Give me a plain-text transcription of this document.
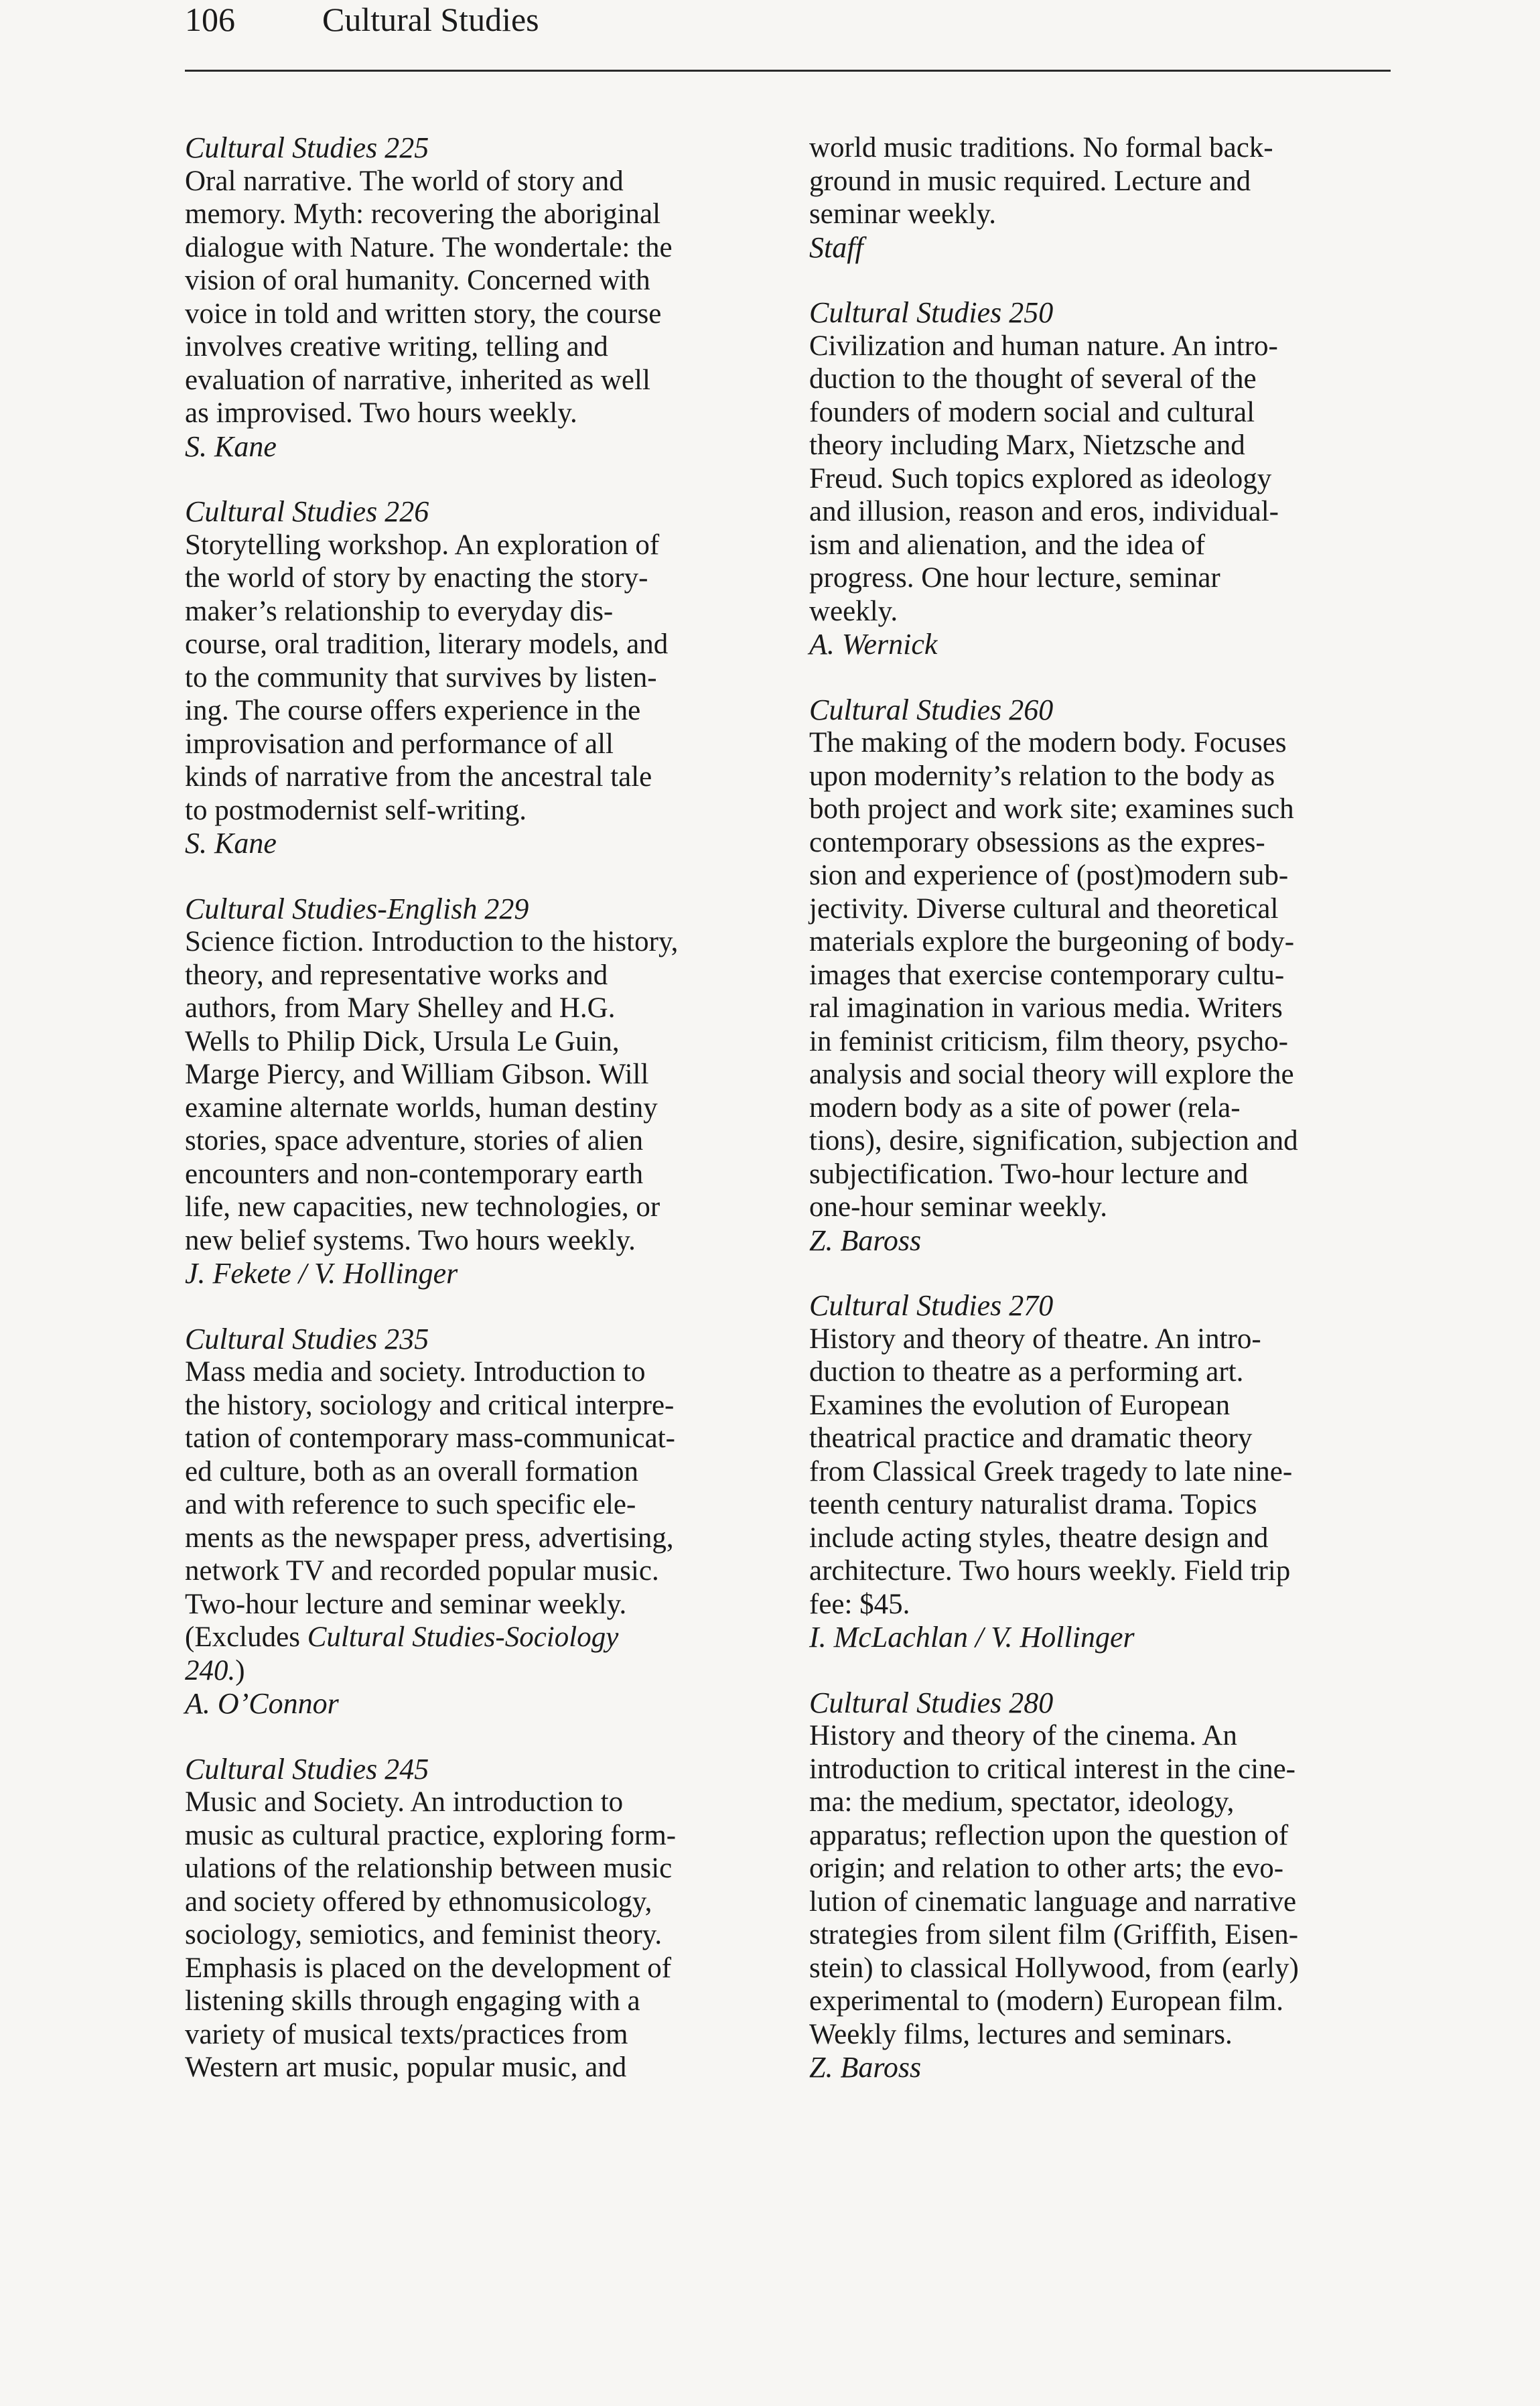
106	Cultural Studies
Cultural Studies 225

Oral narrative. The world of story and
memory. Myth: recovering the aboriginal
dialogue with Nature. The wondertale: the
vision of oral humanity. Concerned with
voice in told and written story, the course
involves creative writing, telling and
evaluation of narrative, inherited as well
as improvised. Two hours weekly.

S. Kane
Cultural Studies 226

Storytelling workshop. An exploration of
the world of story by enacting the story-
maker’s relationship to everyday dis-
course, oral tradition, literary models, and
to the community that survives by listen-
ing. The course offers experience in the
improvisation and performance of all
kinds of narrative from the ancestral tale
to postmodernist self-writing.

S. Kane
Cultural Studies-English 229

Science fiction. Introduction to the history,
theory, and representative works and
authors, from Mary Shelley and H.G.
Wells to Philip Dick, Ursula Le Guin,
Marge Piercy, and William Gibson. Will
examine alternate worlds, human destiny
stories, space adventure, stories of alien
encounters and non-contemporary earth
life, new capacities, new technologies, or
new belief systems. Two hours weekly.

J. Fekete / V. Hollinger
Cultural Studies 235

Mass media and society. Introduction to
the history, sociology and critical interpre-
tation of contemporary mass-communicat-
ed culture, both as an overall formation
and with reference to such specific ele-
ments as the newspaper press, advertising,
network TV and recorded popular music.
Two-hour lecture and seminar weekly.

(Excludes Cultural Studies-Sociology
240.)

A. O’Connor
Cultural Studies 245

Music and Society. An introduction to
music as cultural practice, exploring form-
ulations of the relationship between music
and society offered by ethnomusicology,
sociology, semiotics, and feminist theory.
Emphasis is placed on the development of
listening skills through engaging with a
variety of musical texts/practices from
Western art music, popular music, and

world music traditions. No formal back-
ground in music required. Lecture and
seminar weekly.

Staff
Cultural Studies 250

Civilization and human nature. An intro-
duction to the thought of several of the
founders of modern social and cultural
theory including Marx, Nietzsche and
Freud. Such topics explored as ideology
and illusion, reason and eros, individual-
ism and alienation, and the idea of
progress. One hour lecture, seminar
weekly.

A. Wernick
Cultural Studies 260

The making of the modern body. Focuses
upon modernity’s relation to the body as
both project and work site; examines such
contemporary obsessions as the expres-
sion and experience of (post)modern sub-
jectivity. Diverse cultural and theoretical
materials explore the burgeoning of body-
images that exercise contemporary cultu-
ral imagination in various media. Writers
in feminist criticism, film theory, psycho-
analysis and social theory will explore the
modern body as a site of power (rela-
tions), desire, signification, subjection and
subjectification. Two-hour lecture and
one-hour seminar weekly.

Z. Baross
Cultural Studies 270

History and theory of theatre. An intro-
duction to theatre as a performing art.
Examines the evolution of European
theatrical practice and dramatic theory
from Classical Greek tragedy to late nine-
teenth century naturalist drama. Topics
include acting styles, theatre design and
architecture. Two hours weekly. Field trip
fee: $45.

I. McLachlan / V. Hollinger
Cultural Studies 280

History and theory of the cinema. An
introduction to critical interest in the cine-
ma: the medium, spectator, ideology,
apparatus; reflection upon the question of
origin; and relation to other arts; the evo-
lution of cinematic language and narrative
strategies from silent film (Griffith, Eisen-
stein) to classical Hollywood, from (early)
experimental to (modern) European film.
Weekly films, lectures and seminars.

Z. Baross
